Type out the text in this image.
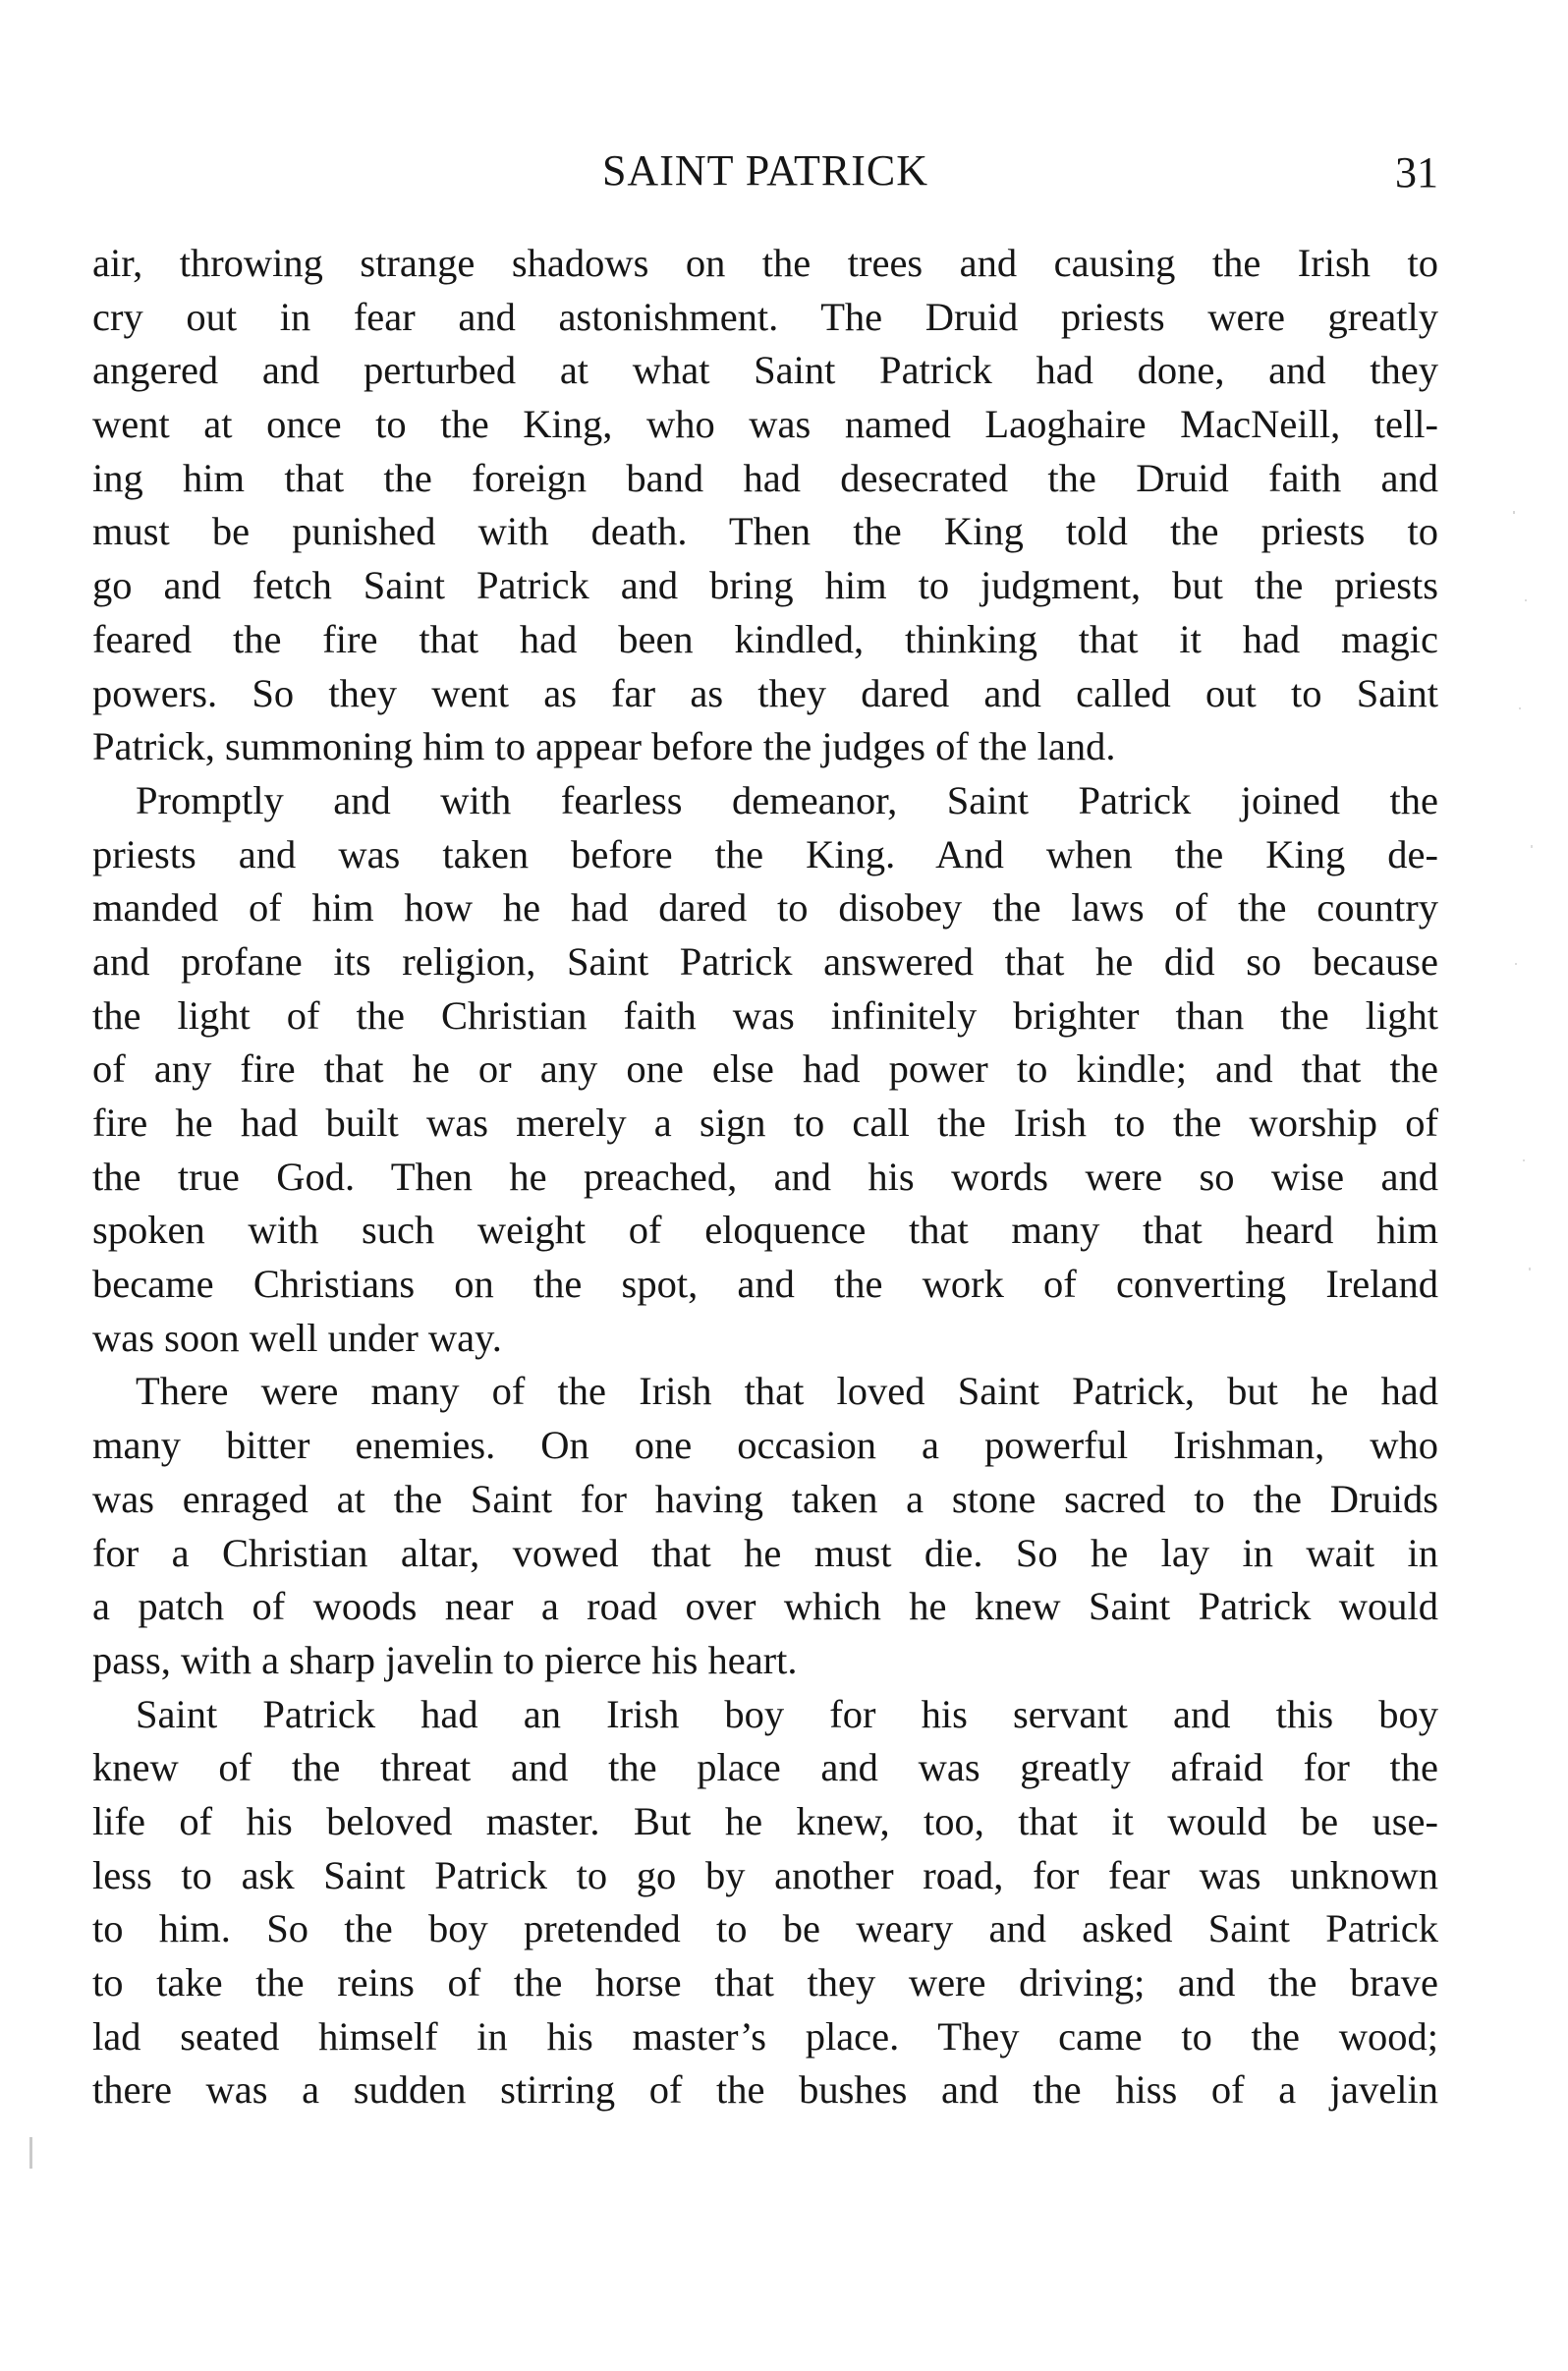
SAINT PATRICK	31
air, throwing strange shadows on the trees and causing the Irish to
cry out in fear and astonishment. The Druid priests were greatly
angered and perturbed at what Saint Patrick had done, and they
went at once to the King, who was named Laoghaire MacNeill, tell-
ing him that the foreign band had desecrated the Druid faith and
must be punished with death. Then the King told the priests to
go and fetch Saint Patrick and bring him to judgment, but the priests
feared the fire that had been kindled, thinking that it had magic
powers. So they went as far as they dared and called out to Saint
Patrick, summoning him to appear before the judges of the land.
Promptly and with fearless demeanor, Saint Patrick joined the
priests and was taken before the King. And when the King de-
manded of him how he had dared to disobey the laws of the country
and profane its religion, Saint Patrick answered that he did so because
the light of the Christian faith was infinitely brighter than the light
of any fire that he or any one else had power to kindle; and that the
fire he had built was merely a sign to call the Irish to the worship of
the true God. Then he preached, and his words were so wise and
spoken with such weight of eloquence that many that heard him
became Christians on the spot, and the work of converting Ireland
was soon well under way.
There were many of the Irish that loved Saint Patrick, but he had
many bitter enemies. On one occasion a powerful Irishman, who
was enraged at the Saint for having taken a stone sacred to the Druids
for a Christian altar, vowed that he must die. So he lay in wait in
a patch of woods near a road over which he knew Saint Patrick would
pass, with a sharp javelin to pierce his heart.
Saint Patrick had an Irish boy for his servant and this boy
knew of the threat and the place and was greatly afraid for the
life of his beloved master. But he knew, too, that it would be use-
less to ask Saint Patrick to go by another road, for fear was unknown
to him. So the boy pretended to be weary and asked Saint Patrick
to take the reins of the horse that they were driving; and the brave
lad seated himself in his master’s place. They came to the wood;
there was a sudden stirring of the bushes and the hiss of a javelin
